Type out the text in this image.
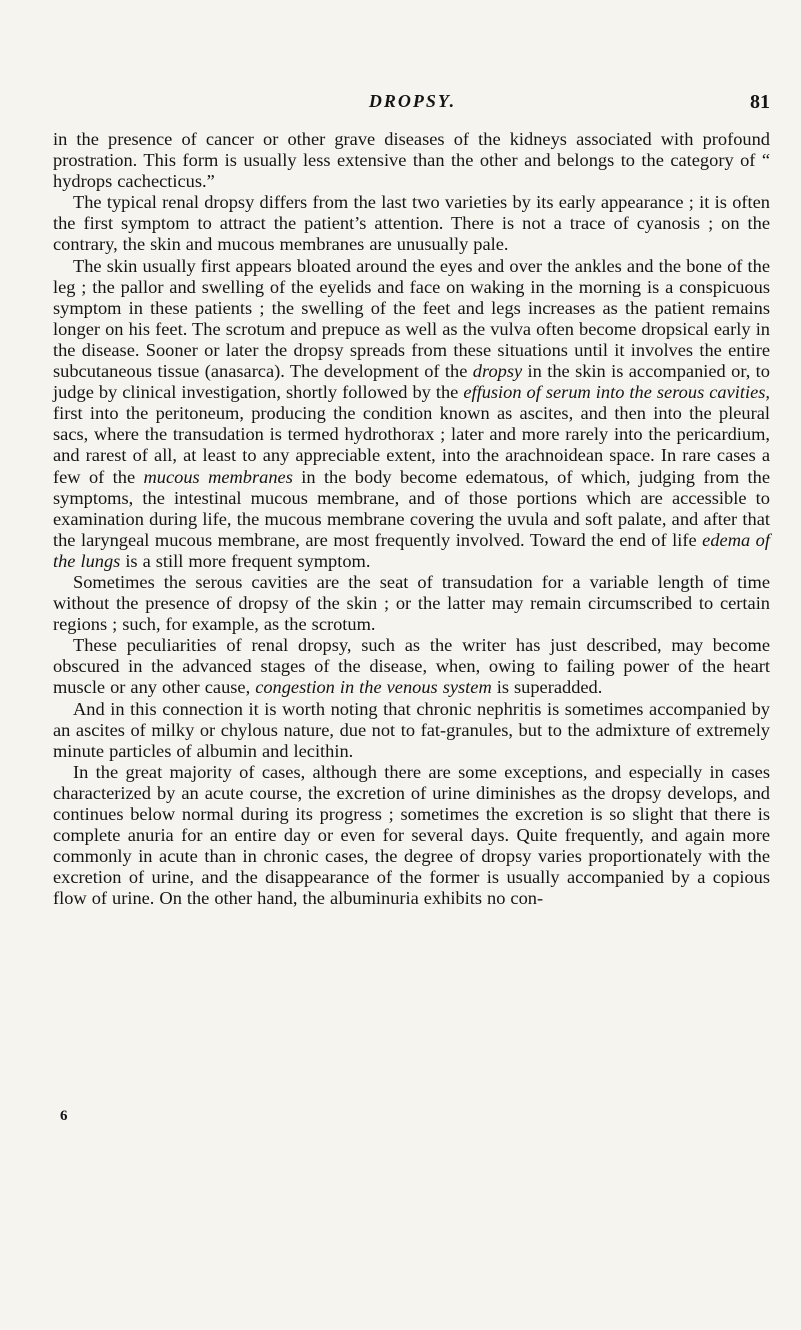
DROPSY.	81

in the presence of cancer or other grave diseases of the kidneys associated with profound prostration. This form is usually less extensive than the other and belongs to the category of “ hydrops cachecticus.”

The typical renal dropsy differs from the last two varieties by its early appearance ; it is often the first symptom to attract the patient’s attention. There is not a trace of cyanosis ; on the contrary, the skin and mucous membranes are unusually pale.

The skin usually first appears bloated around the eyes and over the ankles and the bone of the leg ; the pallor and swelling of the eyelids and face on waking in the morning is a conspicuous symptom in these patients ; the swelling of the feet and legs increases as the patient remains longer on his feet. The scrotum and prepuce as well as the vulva often become dropsical early in the disease. Sooner or later the dropsy spreads from these situations until it involves the entire subcutaneous tissue (anasarca). The development of the dropsy in the skin is accompanied or, to judge by clinical investigation, shortly followed by the effusion of serum into the serous cavities, first into the peritoneum, producing the condition known as ascites, and then into the pleural sacs, where the transudation is termed hydrothorax ; later and more rarely into the pericardium, and rarest of all, at least to any appreciable extent, into the arachnoidean space. In rare cases a few of the mucous membranes in the body become edematous, of which, judging from the symptoms, the intestinal mucous membrane, and of those portions which are accessible to examination during life, the mucous membrane covering the uvula and soft palate, and after that the laryngeal mucous membrane, are most frequently involved. Toward the end of life edema of the lungs is a still more frequent symptom.

Sometimes the serous cavities are the seat of transudation for a variable length of time without the presence of dropsy of the skin ; or the latter may remain circumscribed to certain regions ; such, for example, as the scrotum.

These peculiarities of renal dropsy, such as the writer has just described, may become obscured in the advanced stages of the disease, when, owing to failing power of the heart muscle or any other cause, congestion in the venous system is superadded.

And in this connection it is worth noting that chronic nephritis is sometimes accompanied by an ascites of milky or chylous nature, due not to fat-granules, but to the admixture of extremely minute particles of albumin and lecithin.

In the great majority of cases, although there are some exceptions, and especially in cases characterized by an acute course, the excretion of urine diminishes as the dropsy develops, and continues below normal during its progress ; sometimes the excretion is so slight that there is complete anuria for an entire day or even for several days. Quite frequently, and again more commonly in acute than in chronic cases, the degree of dropsy varies proportionately with the excretion of urine, and the disappearance of the former is usually accompanied by a copious flow of urine. On the other hand, the albuminuria exhibits no con-

6
